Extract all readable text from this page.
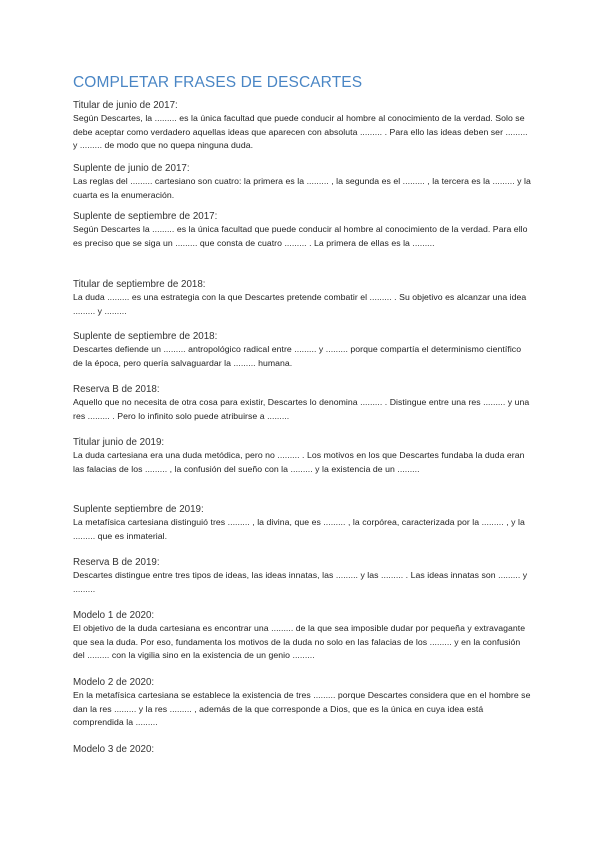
COMPLETAR FRASES DE DESCARTES

Titular de junio de 2017:

Según Descartes, la ......... es la única facultad que puede conducir al hombre al conocimiento de la verdad. Solo se debe aceptar como verdadero aquellas ideas que aparecen con absoluta ......... . Para ello las ideas deben ser ......... y ......... de modo que no quepa ninguna duda.

Suplente de junio de 2017:

Las reglas del ......... cartesiano son cuatro: la primera es la ......... , la segunda es el ......... , la tercera es la ......... y la cuarta es la enumeración.

Suplente de septiembre de 2017:

Según Descartes la ......... es la única facultad que puede conducir al hombre al conocimiento de la verdad. Para ello es preciso que se siga un ......... que consta de cuatro ......... . La primera de ellas es la .........

Titular de septiembre de 2018:

La duda ......... es una estrategia con la que Descartes pretende combatir el ......... . Su objetivo es alcanzar una idea ......... y .........

Suplente de septiembre de 2018:

Descartes defiende un ......... antropológico radical entre ......... y ......... porque compartía el determinismo científico de la época, pero quería salvaguardar la ......... humana.

Reserva B de 2018:

Aquello que no necesita de otra cosa para existir, Descartes lo denomina ......... . Distingue entre una res ......... y una res ......... . Pero lo infinito solo puede atribuirse a .........

Titular junio de 2019:

La duda cartesiana era una duda metódica, pero no ......... . Los motivos en los que Descartes fundaba la duda eran las falacias de los ......... , la confusión del sueño con la ......... y la existencia de un .........

Suplente septiembre de 2019:

La metafísica cartesiana distinguió tres ......... , la divina, que es ......... , la corpórea, caracterizada por la ......... , y la ......... que es inmaterial.

Reserva B de 2019:

Descartes distingue entre tres tipos de ideas, las ideas innatas, las ......... y las ......... . Las ideas innatas son ......... y .........

Modelo 1 de 2020:

El objetivo de la duda cartesiana es encontrar una ......... de la que sea imposible dudar por pequeña y extravagante que sea la duda. Por eso, fundamenta los motivos de la duda no solo en las falacias de los ......... y en la confusión del ......... con la vigilia sino en la existencia de un genio .........

Modelo 2 de 2020:

En la metafísica cartesiana se establece la existencia de tres ......... porque Descartes considera que en el hombre se dan la res ......... y la res ......... , además de la que corresponde a Dios, que es la única en cuya idea está comprendida la .........

Modelo 3 de 2020:
